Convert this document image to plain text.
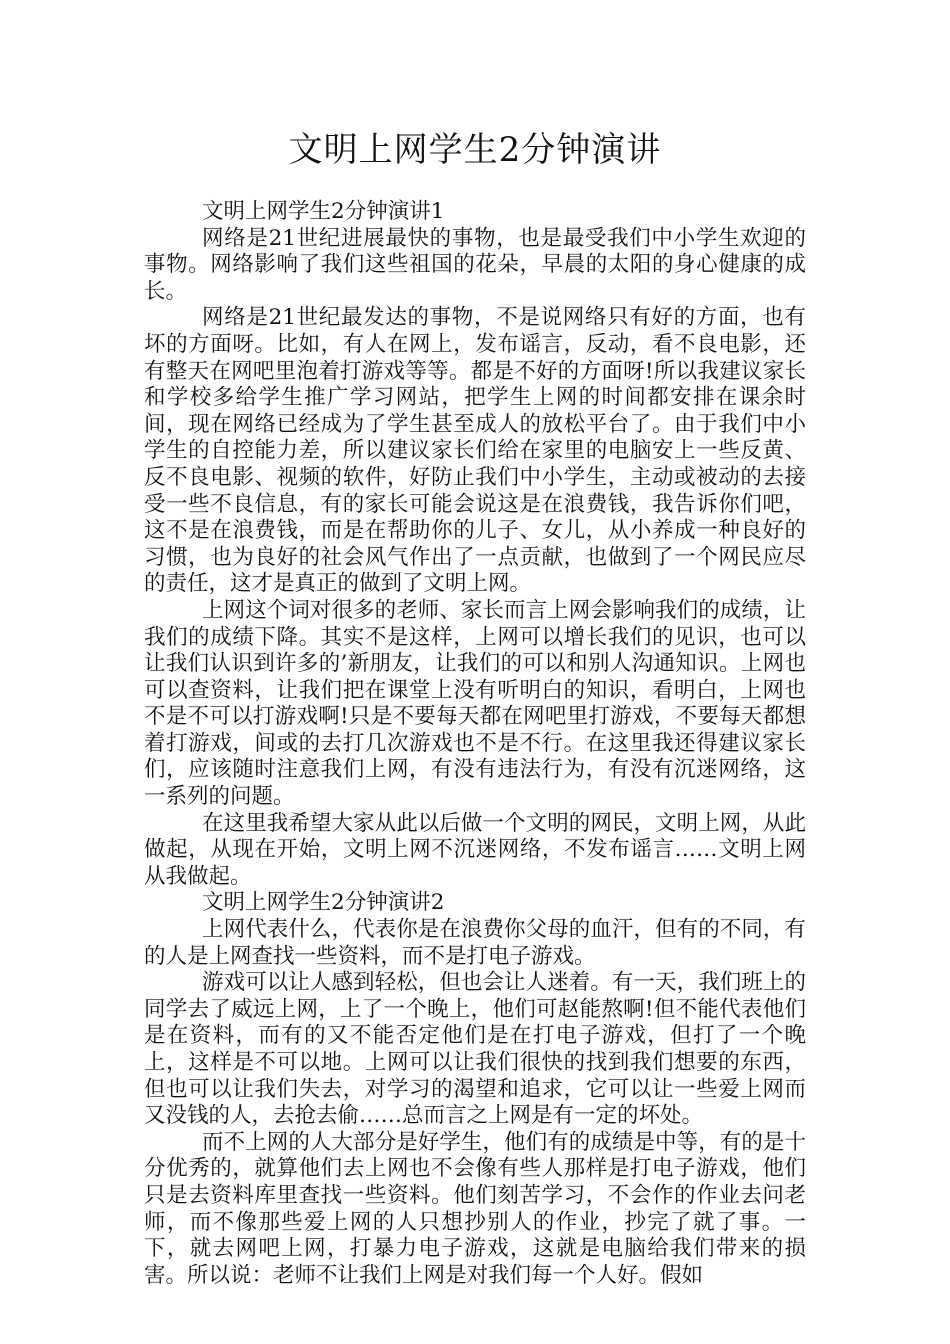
文明上网学生2分钟演讲

文明上网学生2分钟演讲1

网络是21世纪进展最快的事物，也是最受我们中小学生欢迎的事物。网络影响了我们这些祖国的花朵，早晨的太阳的身心健康的成长。

网络是21世纪最发达的事物，不是说网络只有好的方面，也有坏的方面呀。比如，有人在网上，发布谣言，反动，看不良电影，还有整天在网吧里泡着打游戏等等。都是不好的方面呀!所以我建议家长和学校多给学生推广学习网站，把学生上网的时间都安排在课余时间，现在网络已经成为了学生甚至成人的放松平台了。由于我们中小学生的自控能力差，所以建议家长们给在家里的电脑安上一些反黄、反不良电影、视频的软件，好防止我们中小学生，主动或被动的去接受一些不良信息，有的家长可能会说这是在浪费钱，我告诉你们吧，这不是在浪费钱，而是在帮助你的儿子、女儿，从小养成一种良好的习惯，也为良好的社会风气作出了一点贡献，也做到了一个网民应尽的责任，这才是真正的做到了文明上网。

上网这个词对很多的老师、家长而言上网会影响我们的成绩，让我们的成绩下降。其实不是这样，上网可以增长我们的见识，也可以让我们认识到许多的’新朋友，让我们的可以和别人沟通知识。上网也可以查资料，让我们把在课堂上没有听明白的知识，看明白，上网也不是不可以打游戏啊!只是不要每天都在网吧里打游戏，不要每天都想着打游戏，间或的去打几次游戏也不是不行。在这里我还得建议家长们，应该随时注意我们上网，有没有违法行为，有没有沉迷网络，这一系列的问题。

在这里我希望大家从此以后做一个文明的网民，文明上网，从此做起，从现在开始，文明上网不沉迷网络，不发布谣言……文明上网从我做起。

文明上网学生2分钟演讲2

上网代表什么，代表你是在浪费你父母的血汗，但有的不同，有的人是上网查找一些资料，而不是打电子游戏。

游戏可以让人感到轻松，但也会让人迷着。有一天，我们班上的同学去了威远上网，上了一个晚上，他们可赵能熬啊!但不能代表他们是在资料，而有的又不能否定他们是在打电子游戏，但打了一个晚上，这样是不可以地。上网可以让我们很快的找到我们想要的东西，但也可以让我们失去，对学习的渴望和追求，它可以让一些爱上网而又没钱的人，去抢去偷……总而言之上网是有一定的坏处。

而不上网的人大部分是好学生，他们有的成绩是中等，有的是十分优秀的，就算他们去上网也不会像有些人那样是打电子游戏，他们只是去资料库里查找一些资料。他们刻苦学习，不会作的作业去问老师，而不像那些爱上网的人只想抄别人的作业，抄完了就了事。一下，就去网吧上网，打暴力电子游戏，这就是电脑给我们带来的损害。所以说：老师不让我们上网是对我们每一个人好。假如
